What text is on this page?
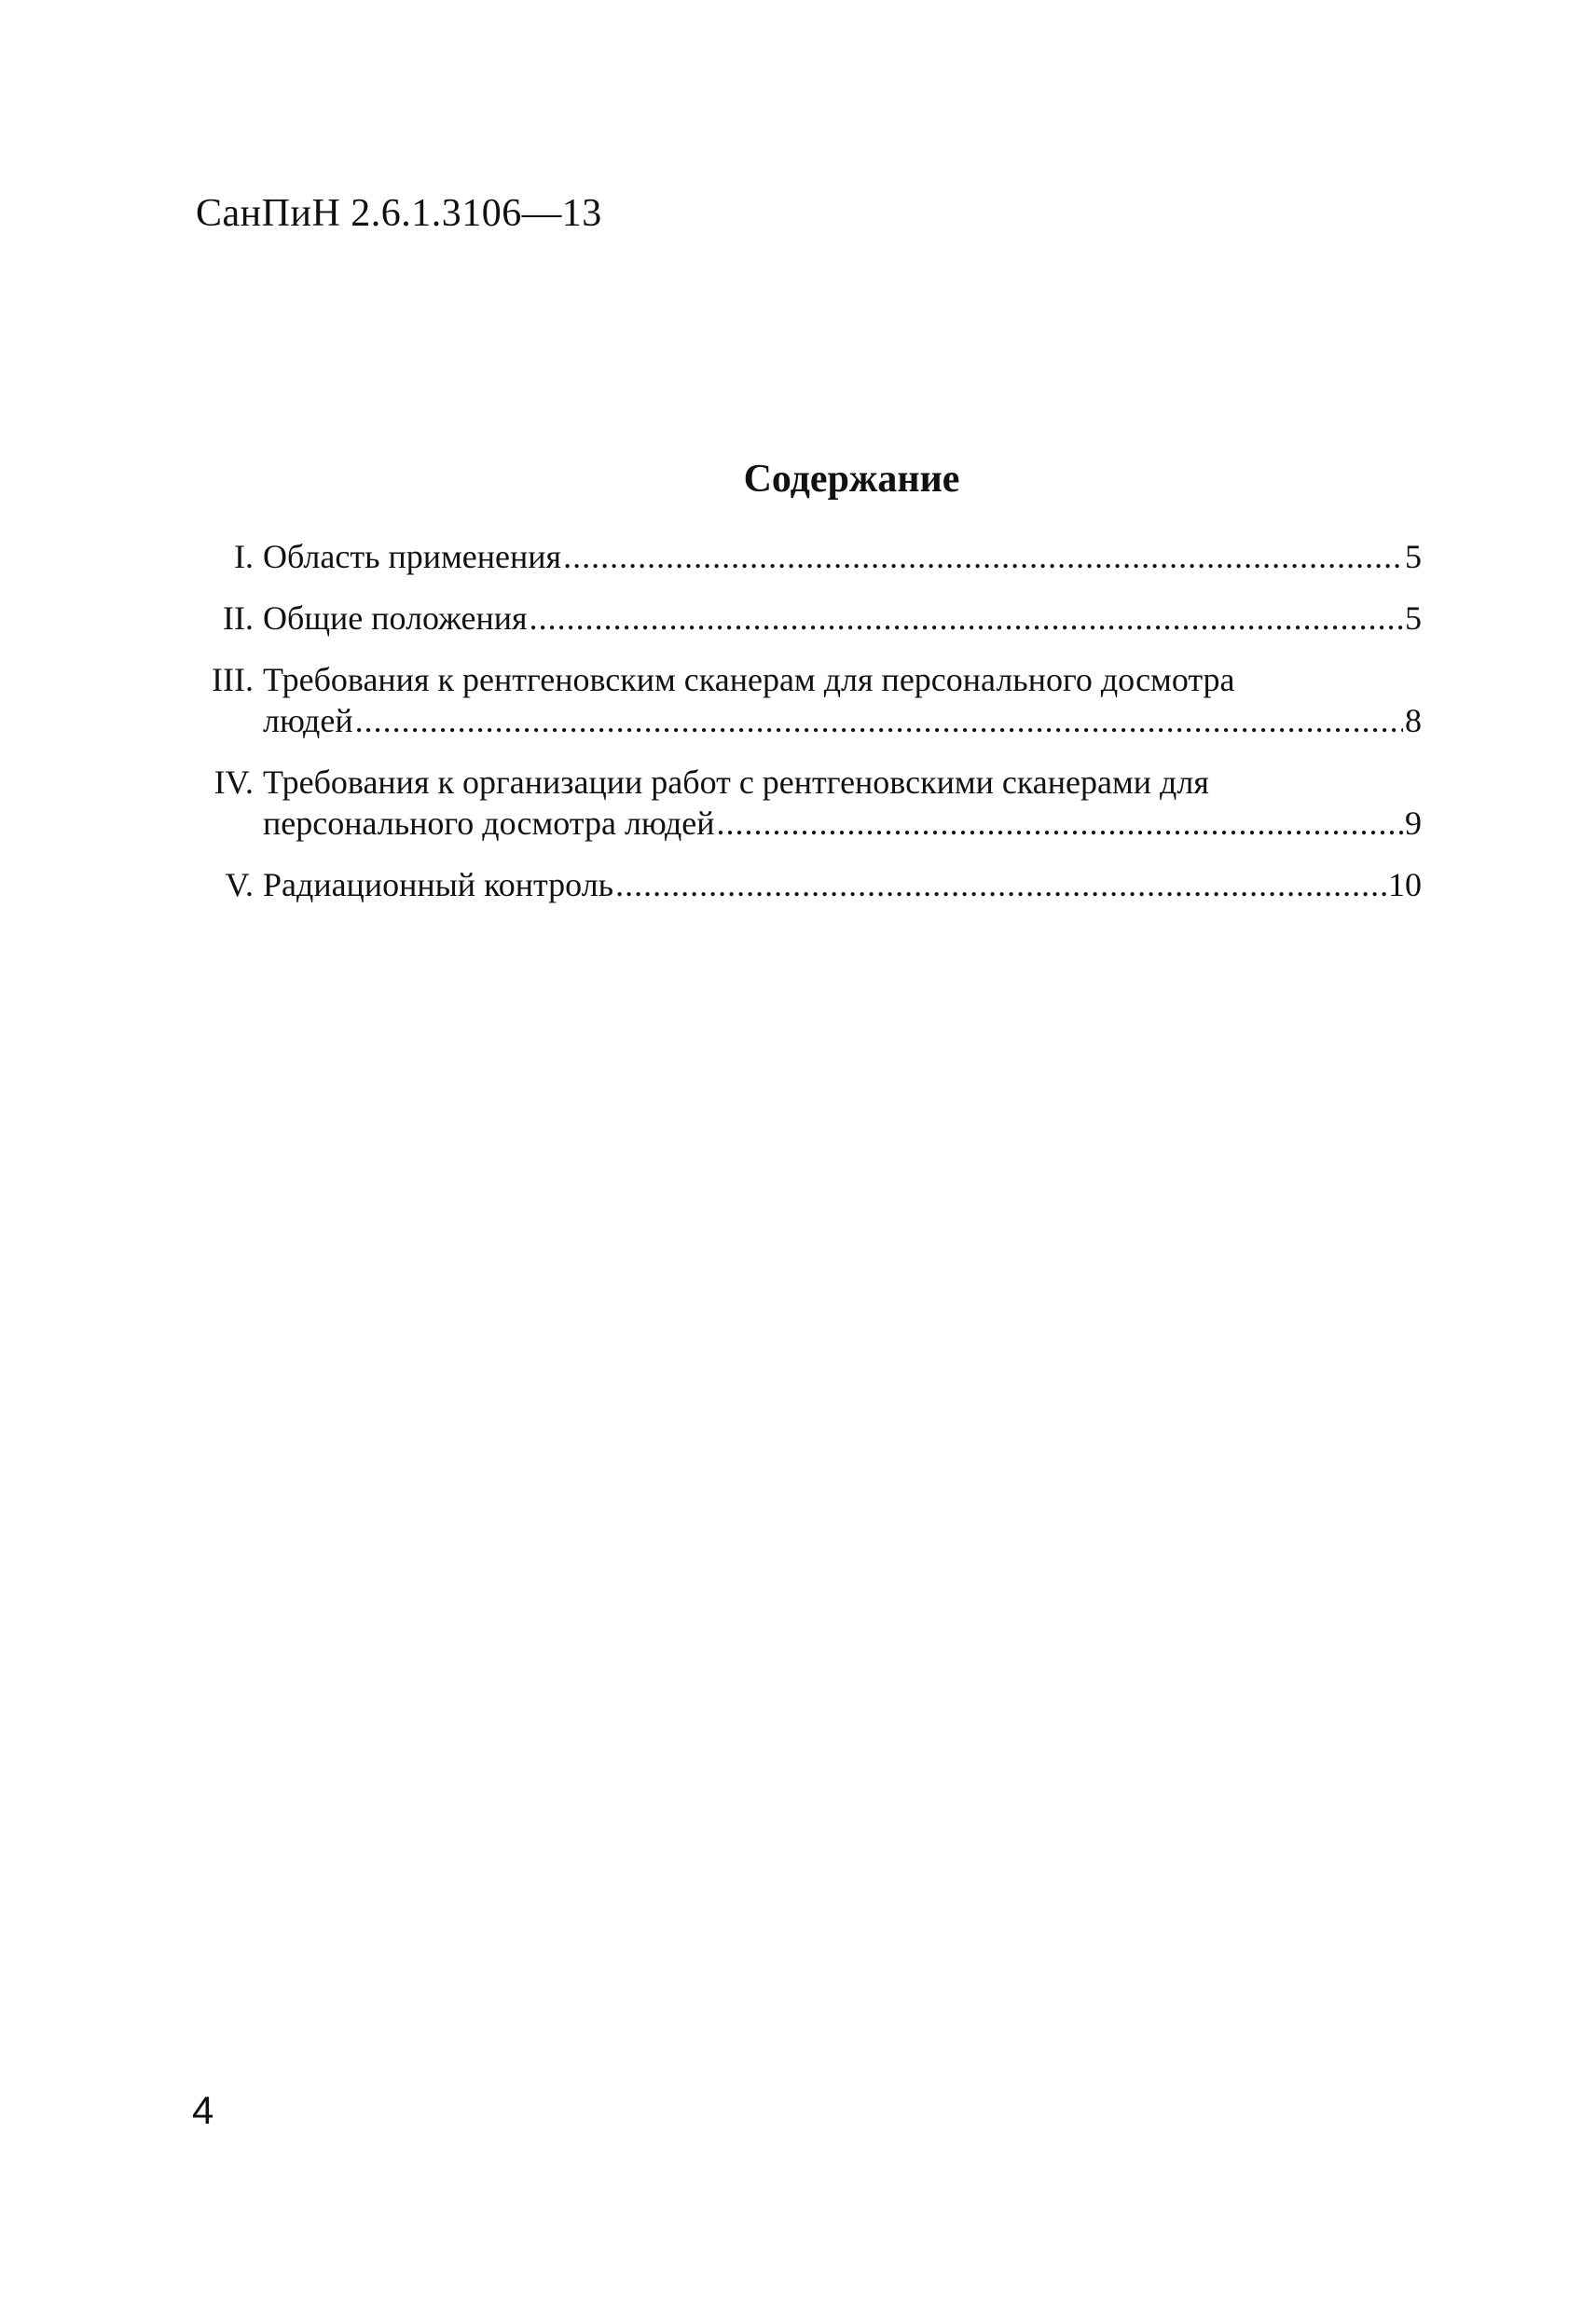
СанПиН 2.6.1.3106––13
Содержание
I. Область применения .....	5
II. Общие положения .....	5
III. Требования к рентгеновским сканерам для персонального досмотра
людей .....	8
IV. Требования к организации работ с рентгеновскими сканерами для
персонального досмотра людей .....	9
V. Радиационный контроль .....	10
4
